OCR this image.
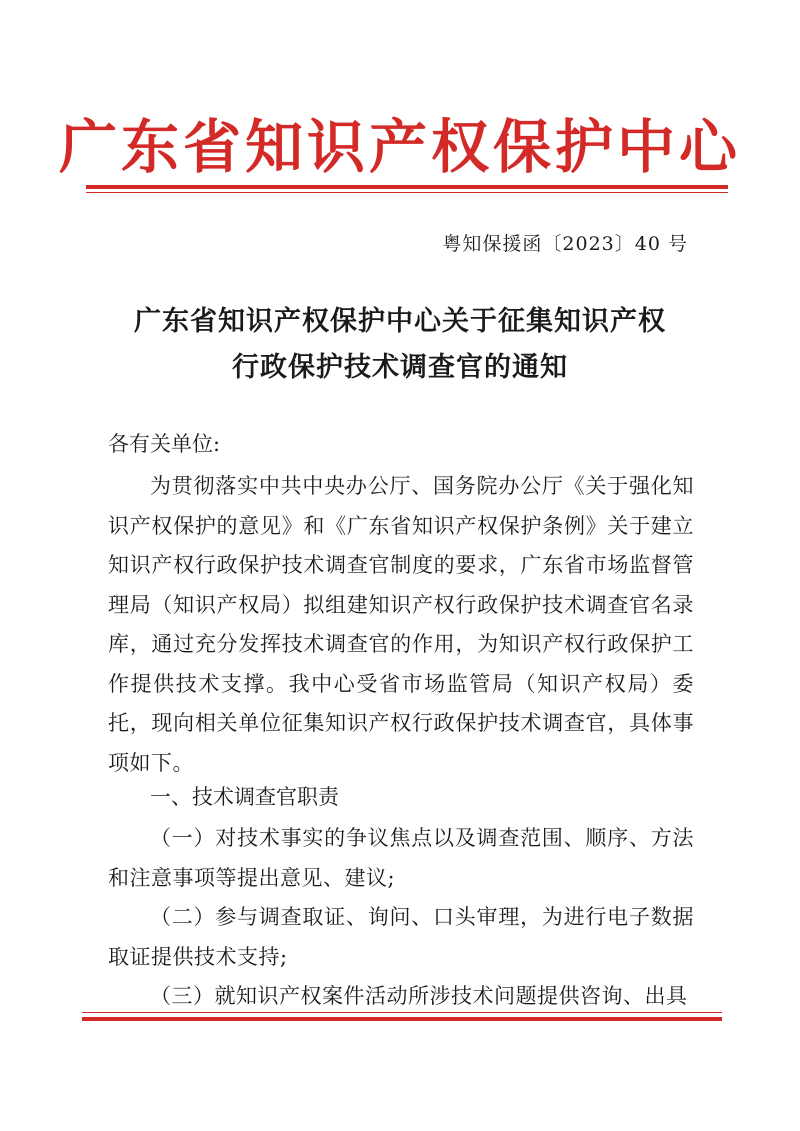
广东省知识产权保护中心
粤知保援函〔2023〕40 号
广东省知识产权保护中心关于征集知识产权
行政保护技术调查官的通知
各有关单位:
为贯彻落实中共中央办公厅、国务院办公厅《关于强化知识产权保护的意见》和《广东省知识产权保护条例》关于建立知识产权行政保护技术调查官制度的要求，广东省市场监督管理局（知识产权局）拟组建知识产权行政保护技术调查官名录库，通过充分发挥技术调查官的作用，为知识产权行政保护工作提供技术支撑。我中心受省市场监管局（知识产权局）委托，现向相关单位征集知识产权行政保护技术调查官，具体事项如下。
一、技术调查官职责
（一）对技术事实的争议焦点以及调查范围、顺序、方法和注意事项等提出意见、建议;
（二）参与调查取证、询问、口头审理，为进行电子数据取证提供技术支持;
（三）就知识产权案件活动所涉技术问题提供咨询、出具
